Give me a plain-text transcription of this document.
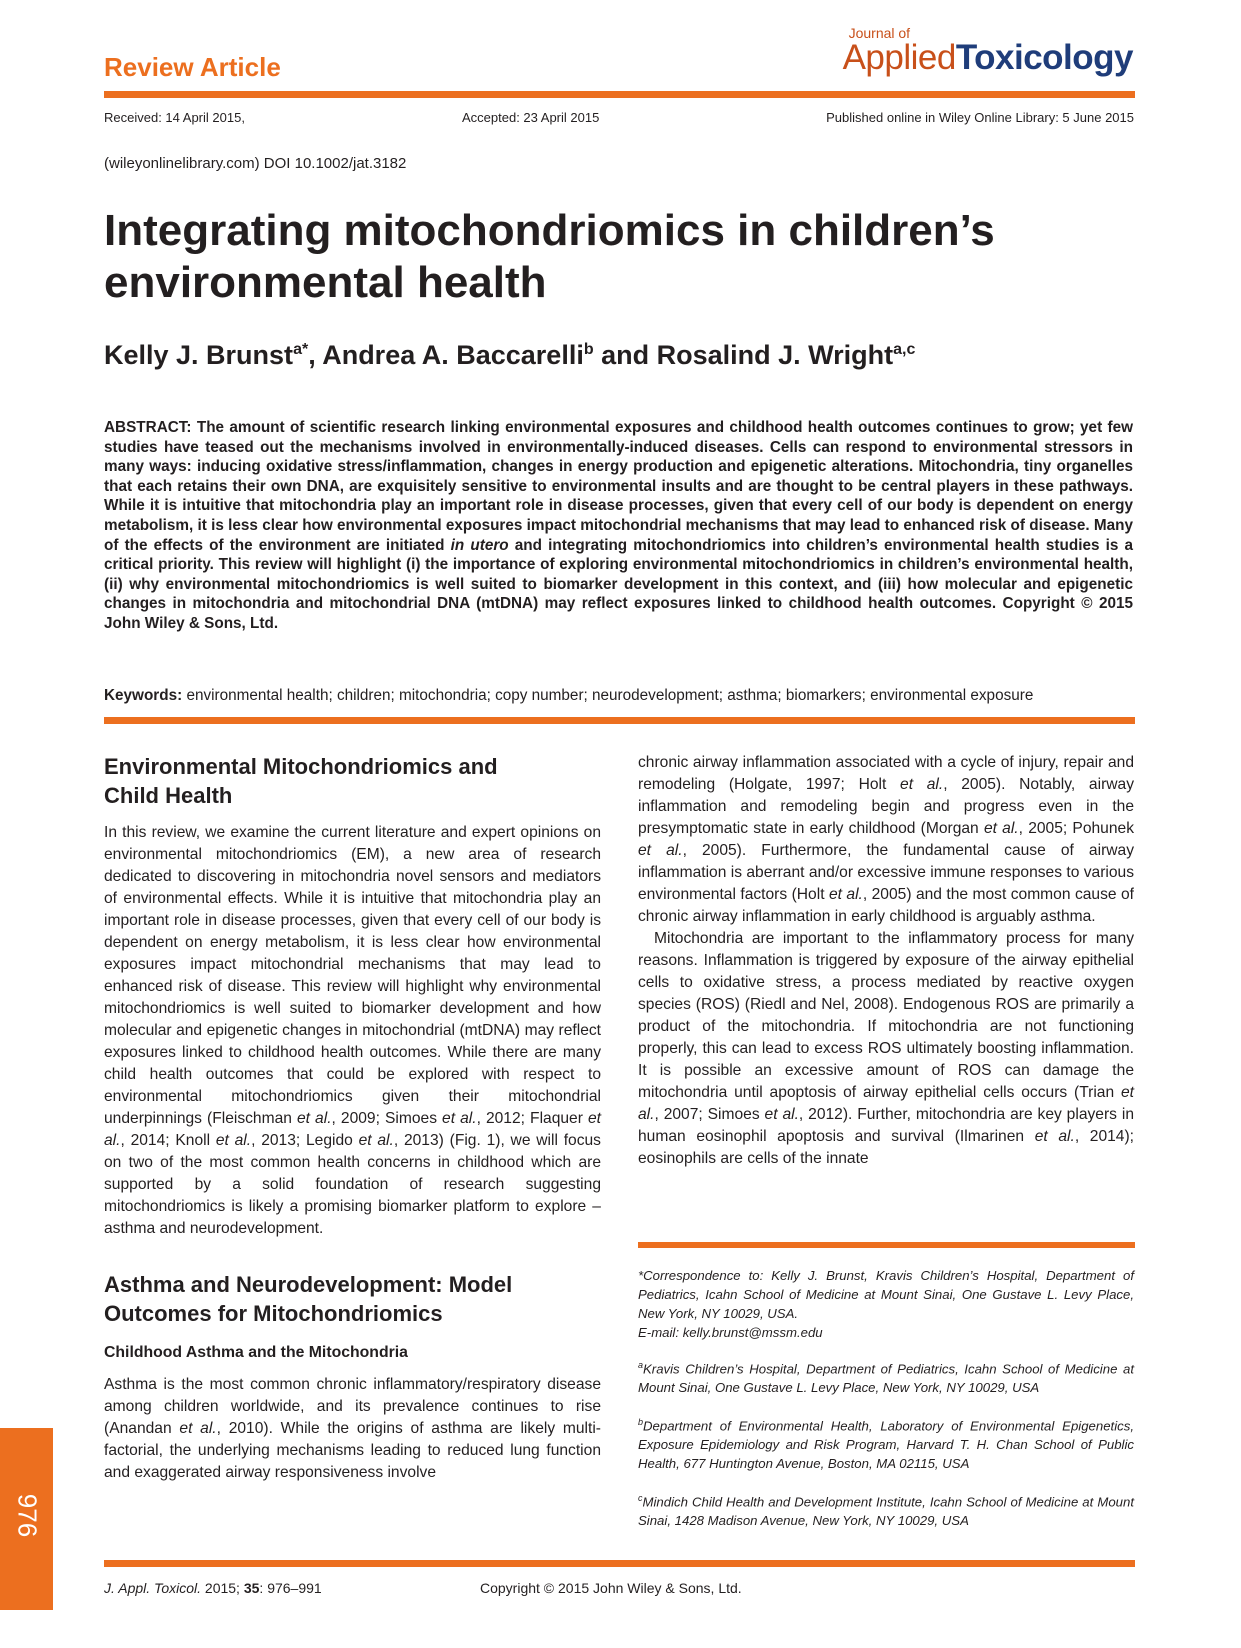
Review Article
Journal of
AppliedToxicology
Received: 14 April 2015,	Accepted: 23 April 2015	Published online in Wiley Online Library: 5 June 2015
(wileyonlinelibrary.com) DOI 10.1002/jat.3182
Integrating mitochondriomics in children’s
environmental health
Kelly J. Brunst$^{a*}$, Andrea A. Baccarelli$^b$ and Rosalind J. Wright$^{a,c}$
ABSTRACT: The amount of scientific research linking environmental exposures and childhood health outcomes continues to grow; yet few studies have teased out the mechanisms involved in environmentally-induced diseases. Cells can respond to environmental stressors in many ways: inducing oxidative stress/inflammation, changes in energy production and epigenetic alterations. Mitochondria, tiny organelles that each retains their own DNA, are exquisitely sensitive to environmental insults and are thought to be central players in these pathways. While it is intuitive that mitochondria play an important role in disease processes, given that every cell of our body is dependent on energy metabolism, it is less clear how environmental exposures impact mitochondrial mechanisms that may lead to enhanced risk of disease. Many of the effects of the environment are initiated in utero and integrating mitochondriomics into children’s environmental health studies is a critical priority. This review will highlight (i) the importance of exploring environmental mitochondriomics in children’s environmental health, (ii) why environmental mitochondriomics is well suited to biomarker development in this context, and (iii) how molecular and epigenetic changes in mitochondria and mitochondrial DNA (mtDNA) may reflect exposures linked to childhood health outcomes. Copyright © 2015 John Wiley & Sons, Ltd.
Keywords: environmental health; children; mitochondria; copy number; neurodevelopment; asthma; biomarkers; environmental exposure
Environmental Mitochondriomics and
Child Health

In this review, we examine the current literature and expert opinions on environmental mitochondriomics (EM), a new area of research dedicated to discovering in mitochondria novel sensors and mediators of environmental effects. While it is intuitive that mitochondria play an important role in disease processes, given that every cell of our body is dependent on energy metabolism, it is less clear how environmental exposures impact mitochondrial mechanisms that may lead to enhanced risk of disease. This review will highlight why environmental mitochondriomics is well suited to biomarker development and how molecular and epigenetic changes in mitochondrial (mtDNA) may reflect exposures linked to childhood health outcomes. While there are many child health outcomes that could be explored with respect to environmental mitochondriomics given their mitochondrial underpinnings (Fleischman et al., 2009; Simoes et al., 2012; Flaquer et al., 2014; Knoll et al., 2013; Legido et al., 2013) (Fig. 1), we will focus on two of the most common health concerns in childhood which are supported by a solid foundation of research suggesting mitochondriomics is likely a promising biomarker platform to explore – asthma and neurodevelopment.

Asthma and Neurodevelopment: Model
Outcomes for Mitochondriomics
Childhood Asthma and the Mitochondria

Asthma is the most common chronic inflammatory/respiratory disease among children worldwide, and its prevalence continues to rise (Anandan et al., 2010). While the origins of asthma are likely multi-factorial, the underlying mechanisms leading to reduced lung function and exaggerated airway responsiveness involve

chronic airway inflammation associated with a cycle of injury, repair and remodeling (Holgate, 1997; Holt et al., 2005). Notably, airway inflammation and remodeling begin and progress even in the presymptomatic state in early childhood (Morgan et al., 2005; Pohunek et al., 2005). Furthermore, the fundamental cause of airway inflammation is aberrant and/or excessive immune responses to various environmental factors (Holt et al., 2005) and the most common cause of chronic airway inflammation in early childhood is arguably asthma.

Mitochondria are important to the inflammatory process for many reasons. Inflammation is triggered by exposure of the airway epithelial cells to oxidative stress, a process mediated by reactive oxygen species (ROS) (Riedl and Nel, 2008). Endogenous ROS are primarily a product of the mitochondria. If mitochondria are not functioning properly, this can lead to excess ROS ultimately boosting inflammation. It is possible an excessive amount of ROS can damage the mitochondria until apoptosis of airway epithelial cells occurs (Trian et al., 2007; Simoes et al., 2012). Further, mitochondria are key players in human eosinophil apoptosis and survival (Ilmarinen et al., 2014); eosinophils are cells of the innate

*Correspondence to: Kelly J. Brunst, Kravis Children’s Hospital, Department of Pediatrics, Icahn School of Medicine at Mount Sinai, One Gustave L. Levy Place, New York, NY 10029, USA.
E-mail: kelly.brunst@mssm.edu
$^a$Kravis Children’s Hospital, Department of Pediatrics, Icahn School of Medicine at Mount Sinai, One Gustave L. Levy Place, New York, NY 10029, USA
$^b$Department of Environmental Health, Laboratory of Environmental Epigenetics, Exposure Epidemiology and Risk Program, Harvard T. H. Chan School of Public Health, 677 Huntington Avenue, Boston, MA 02115, USA
$^c$Mindich Child Health and Development Institute, Icahn School of Medicine at Mount Sinai, 1428 Madison Avenue, New York, NY 10029, USA
976
J. Appl. Toxicol. 2015; 35: 976–991	Copyright © 2015 John Wiley & Sons, Ltd.
